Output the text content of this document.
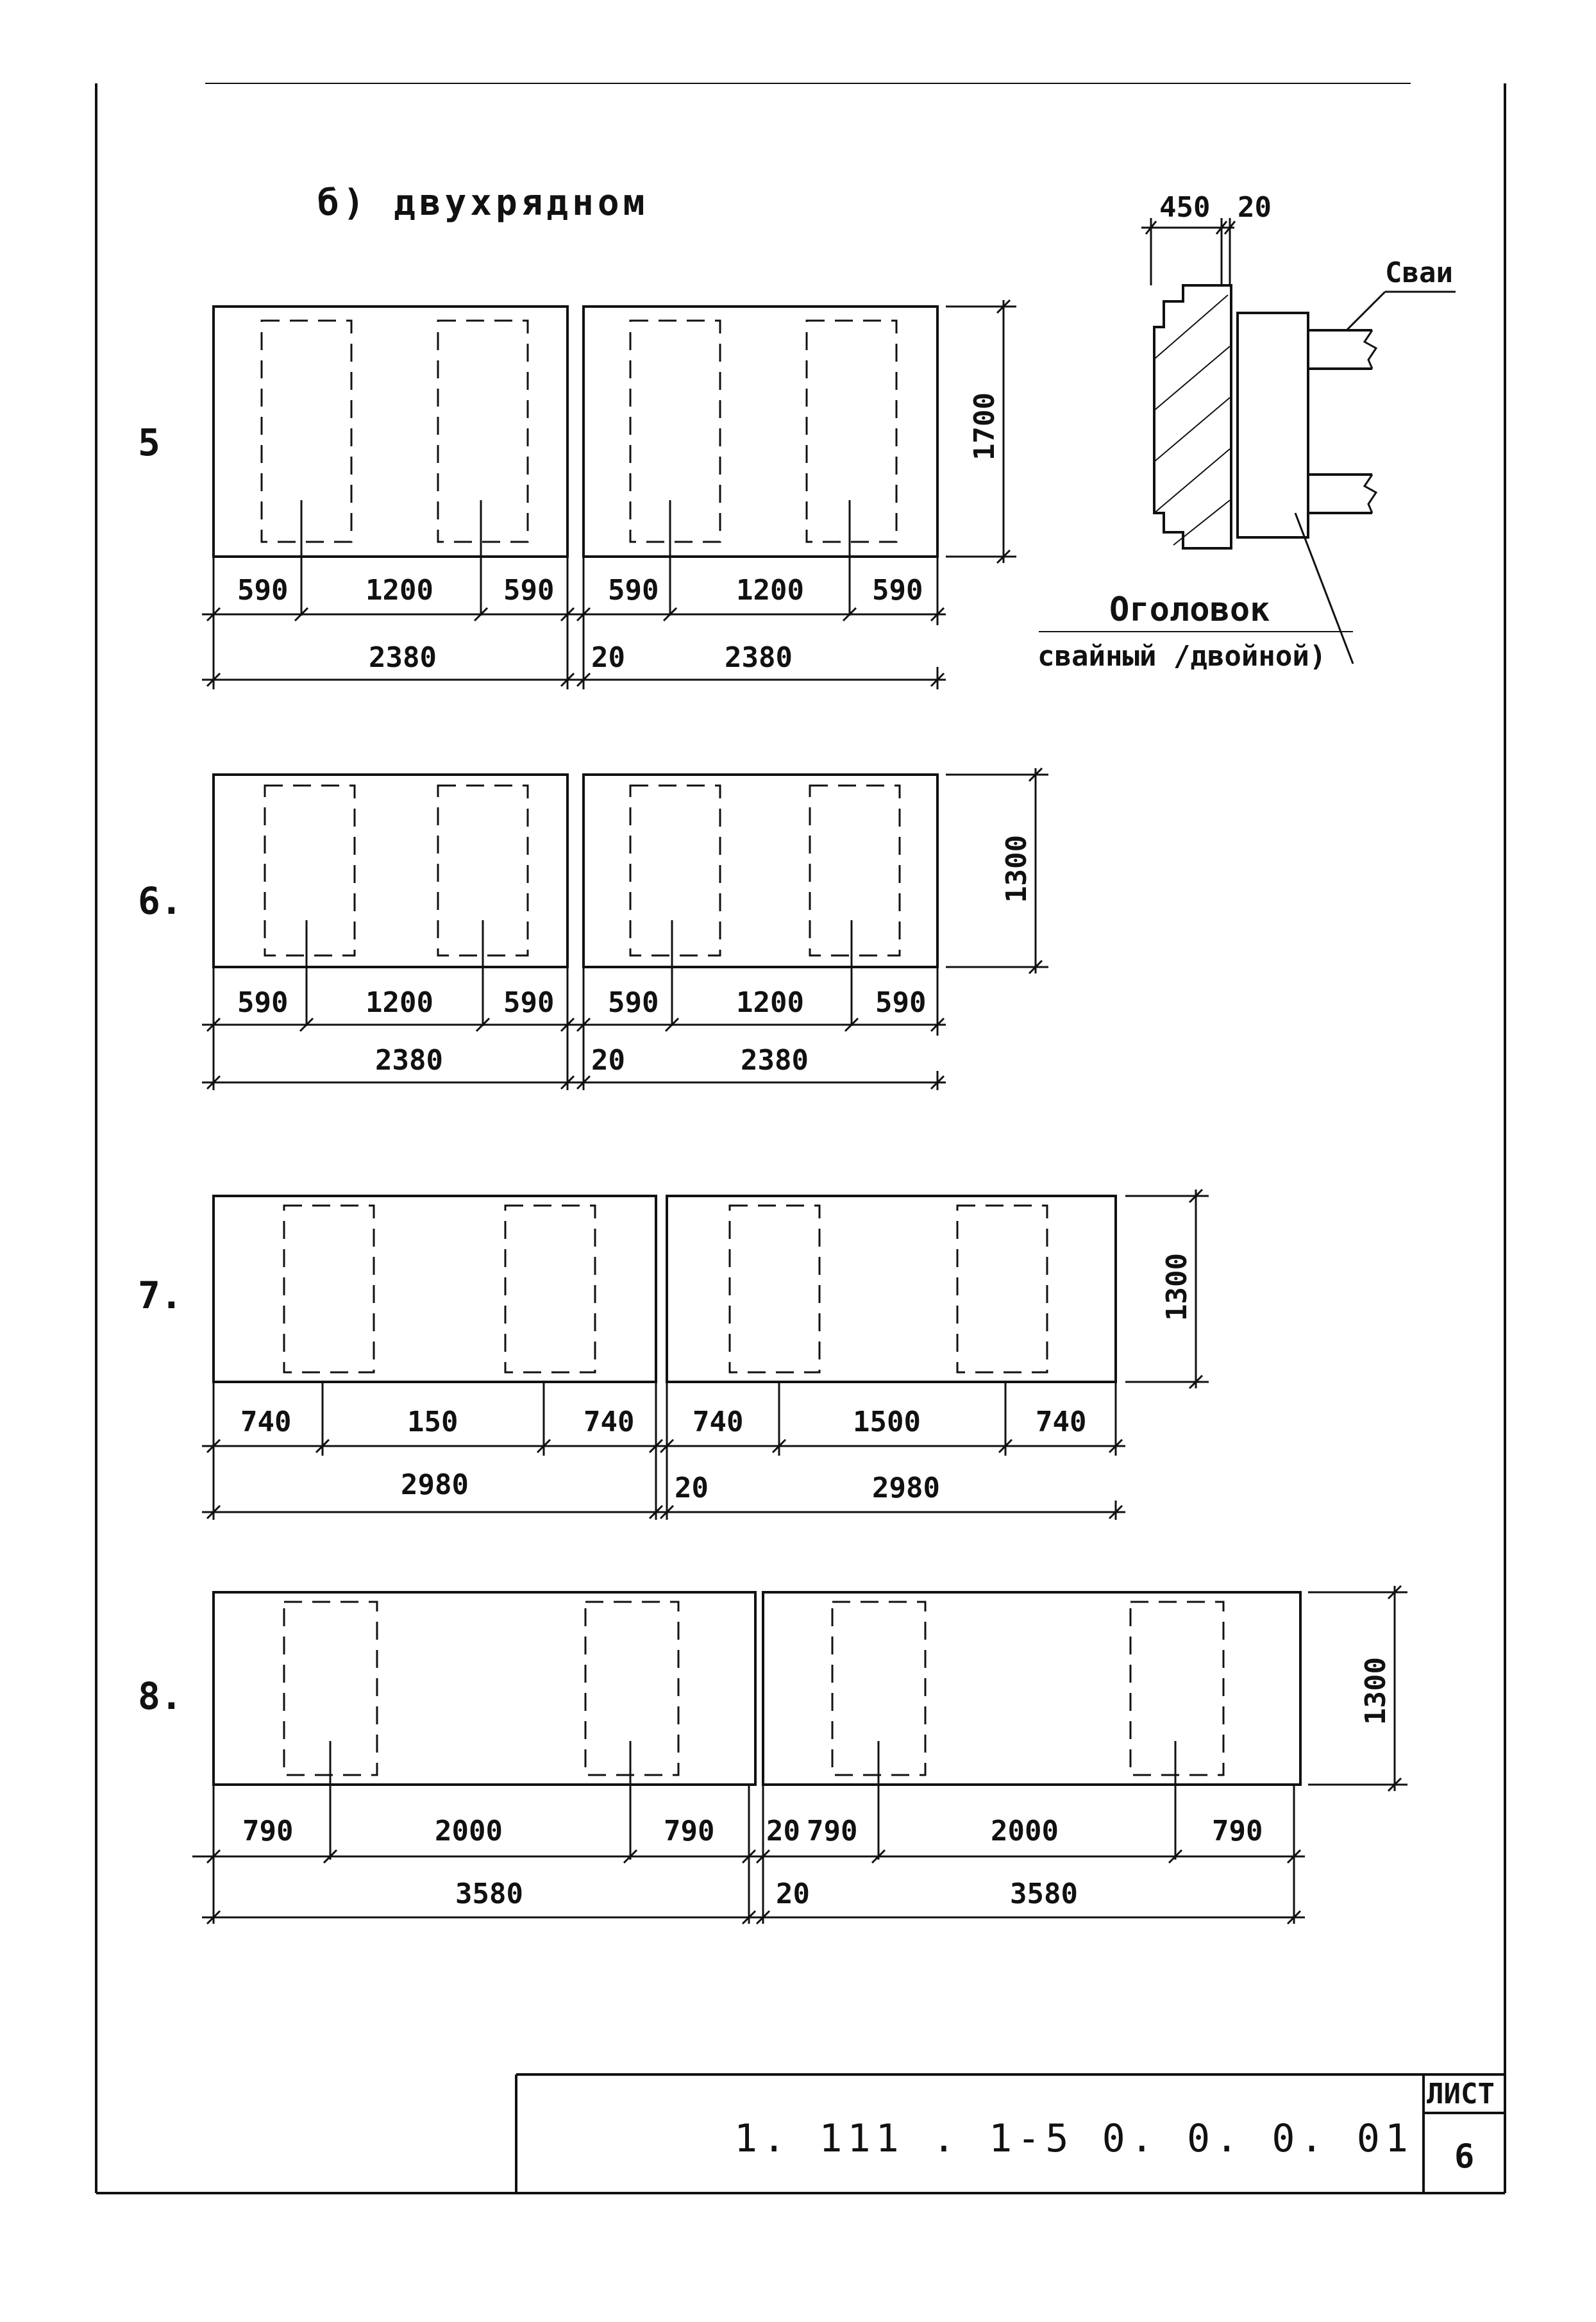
б) двухрядном	450 20
Сваи
Оголовок
свайный /двойной)
5
590	1200 590
2380
590	1200 590
20	2380
1700
6.
590	1200 590
2380
590	1200	590
20	2380
1300
7.
740	150	740
2980
740	1500	740
20	2980
1300
8.
790	2000	790
3580
20 790	2000	790
20	3580
1300
1. 111 . 1-5 0. 0. 0. 01
ЛИСТ
6
